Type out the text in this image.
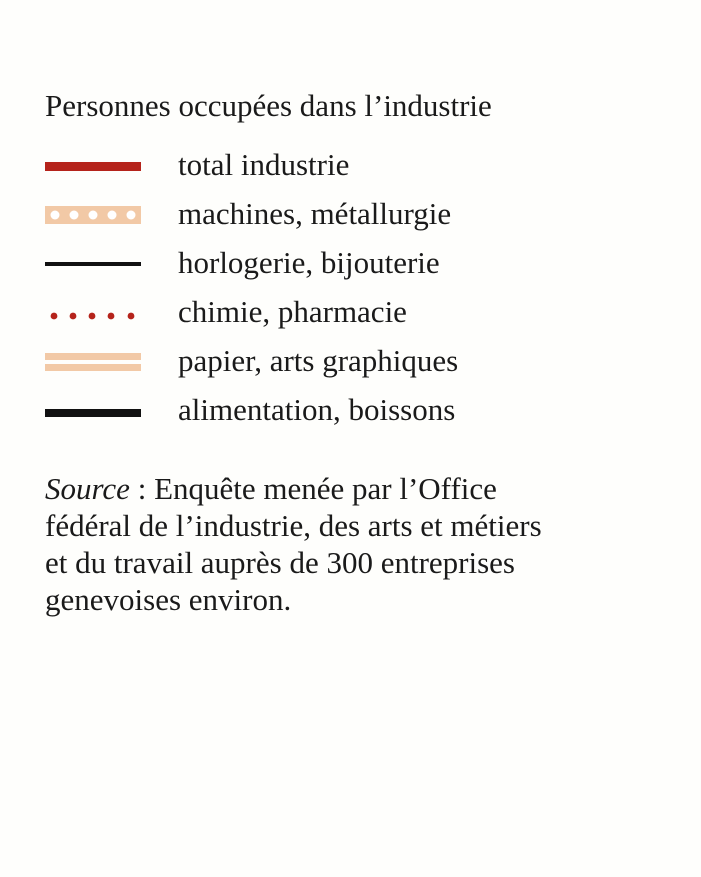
Personnes occupées dans l’industrie
total industrie
machines, métallurgie
horlogerie, bijouterie
chimie, pharmacie
papier, arts graphiques
alimentation, boissons

Source : Enquête menée par l’Office
fédéral de l’industrie, des arts et métiers
et du travail auprès de 300 entreprises
genevoises environ.
